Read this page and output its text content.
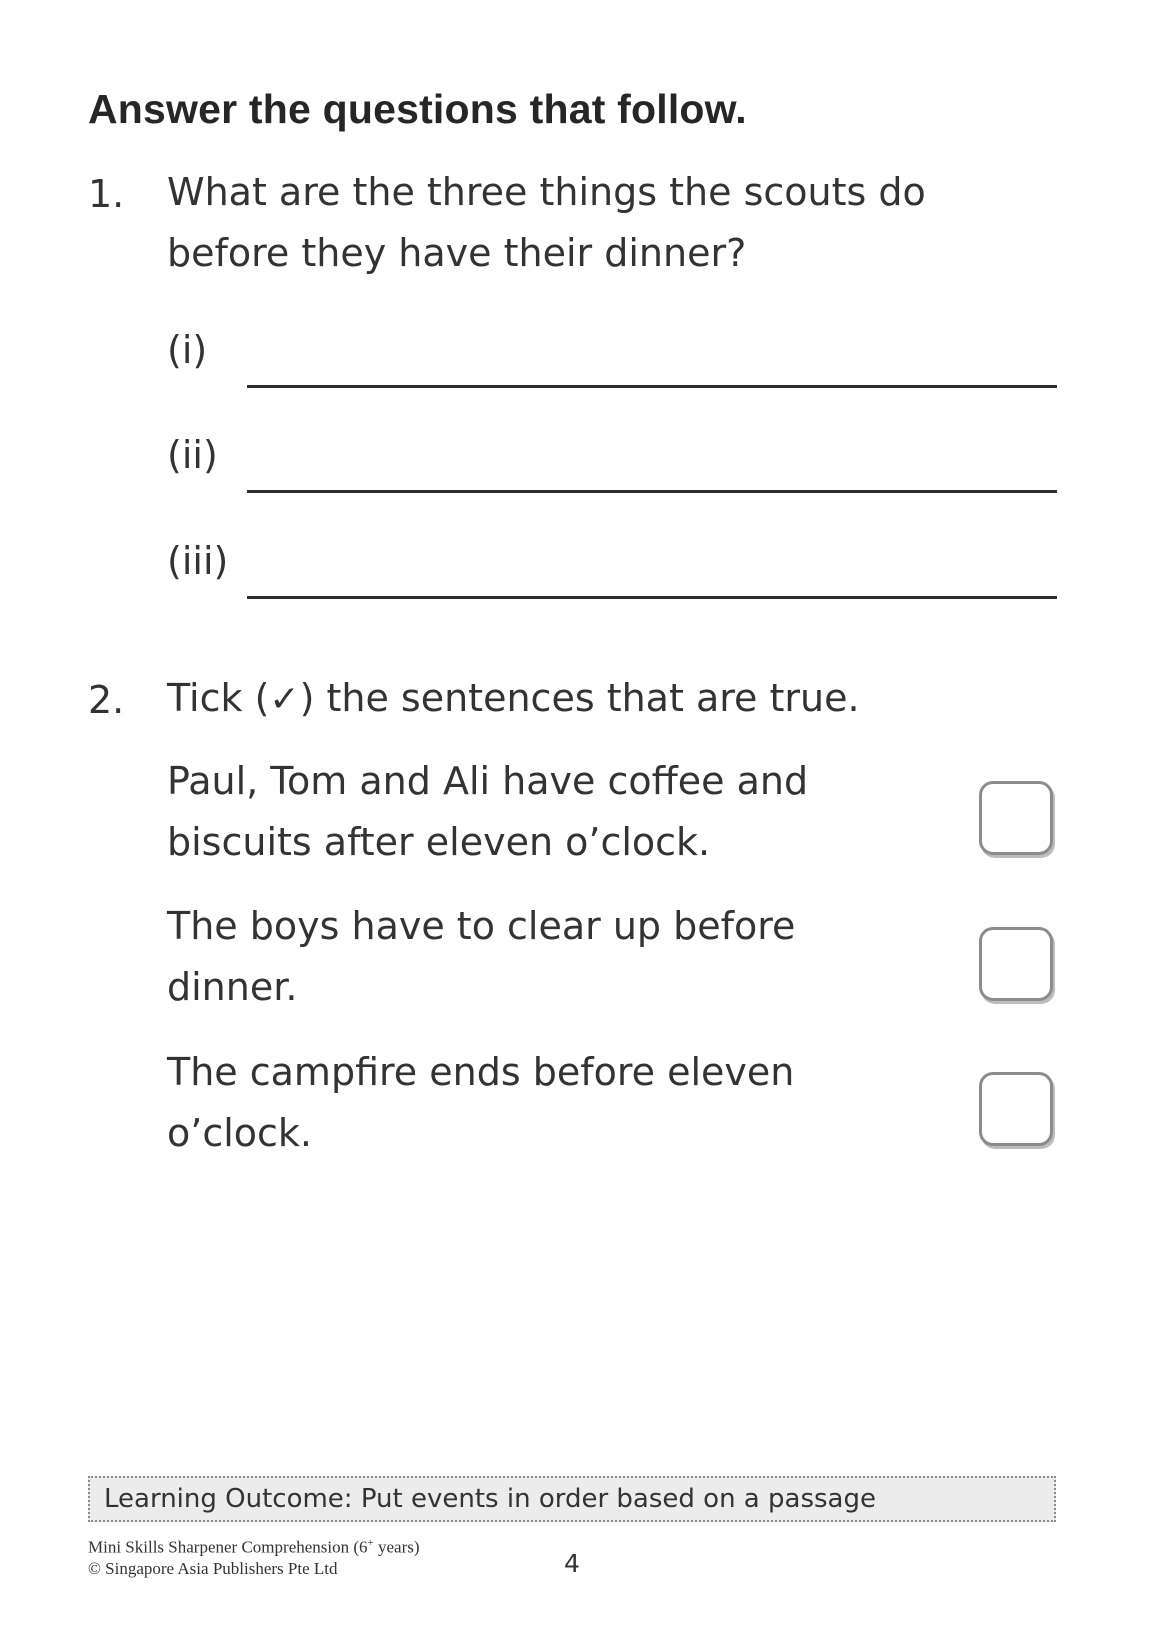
Answer the questions that follow.
1. What are the three things the scouts do
before they have their dinner?

(i)
(ii)
(iii)
2. Tick (✓) the sentences that are true.

Paul, Tom and Ali have coffee and
biscuits after eleven o’clock.

The boys have to clear up before
dinner.

The campfire ends before eleven
o’clock.

Learning Outcome: Put events in order based on a passage

Mini Skills Sharpener Comprehension (6+ years)

© Singapore Asia Publishers Pte Ltd	4
